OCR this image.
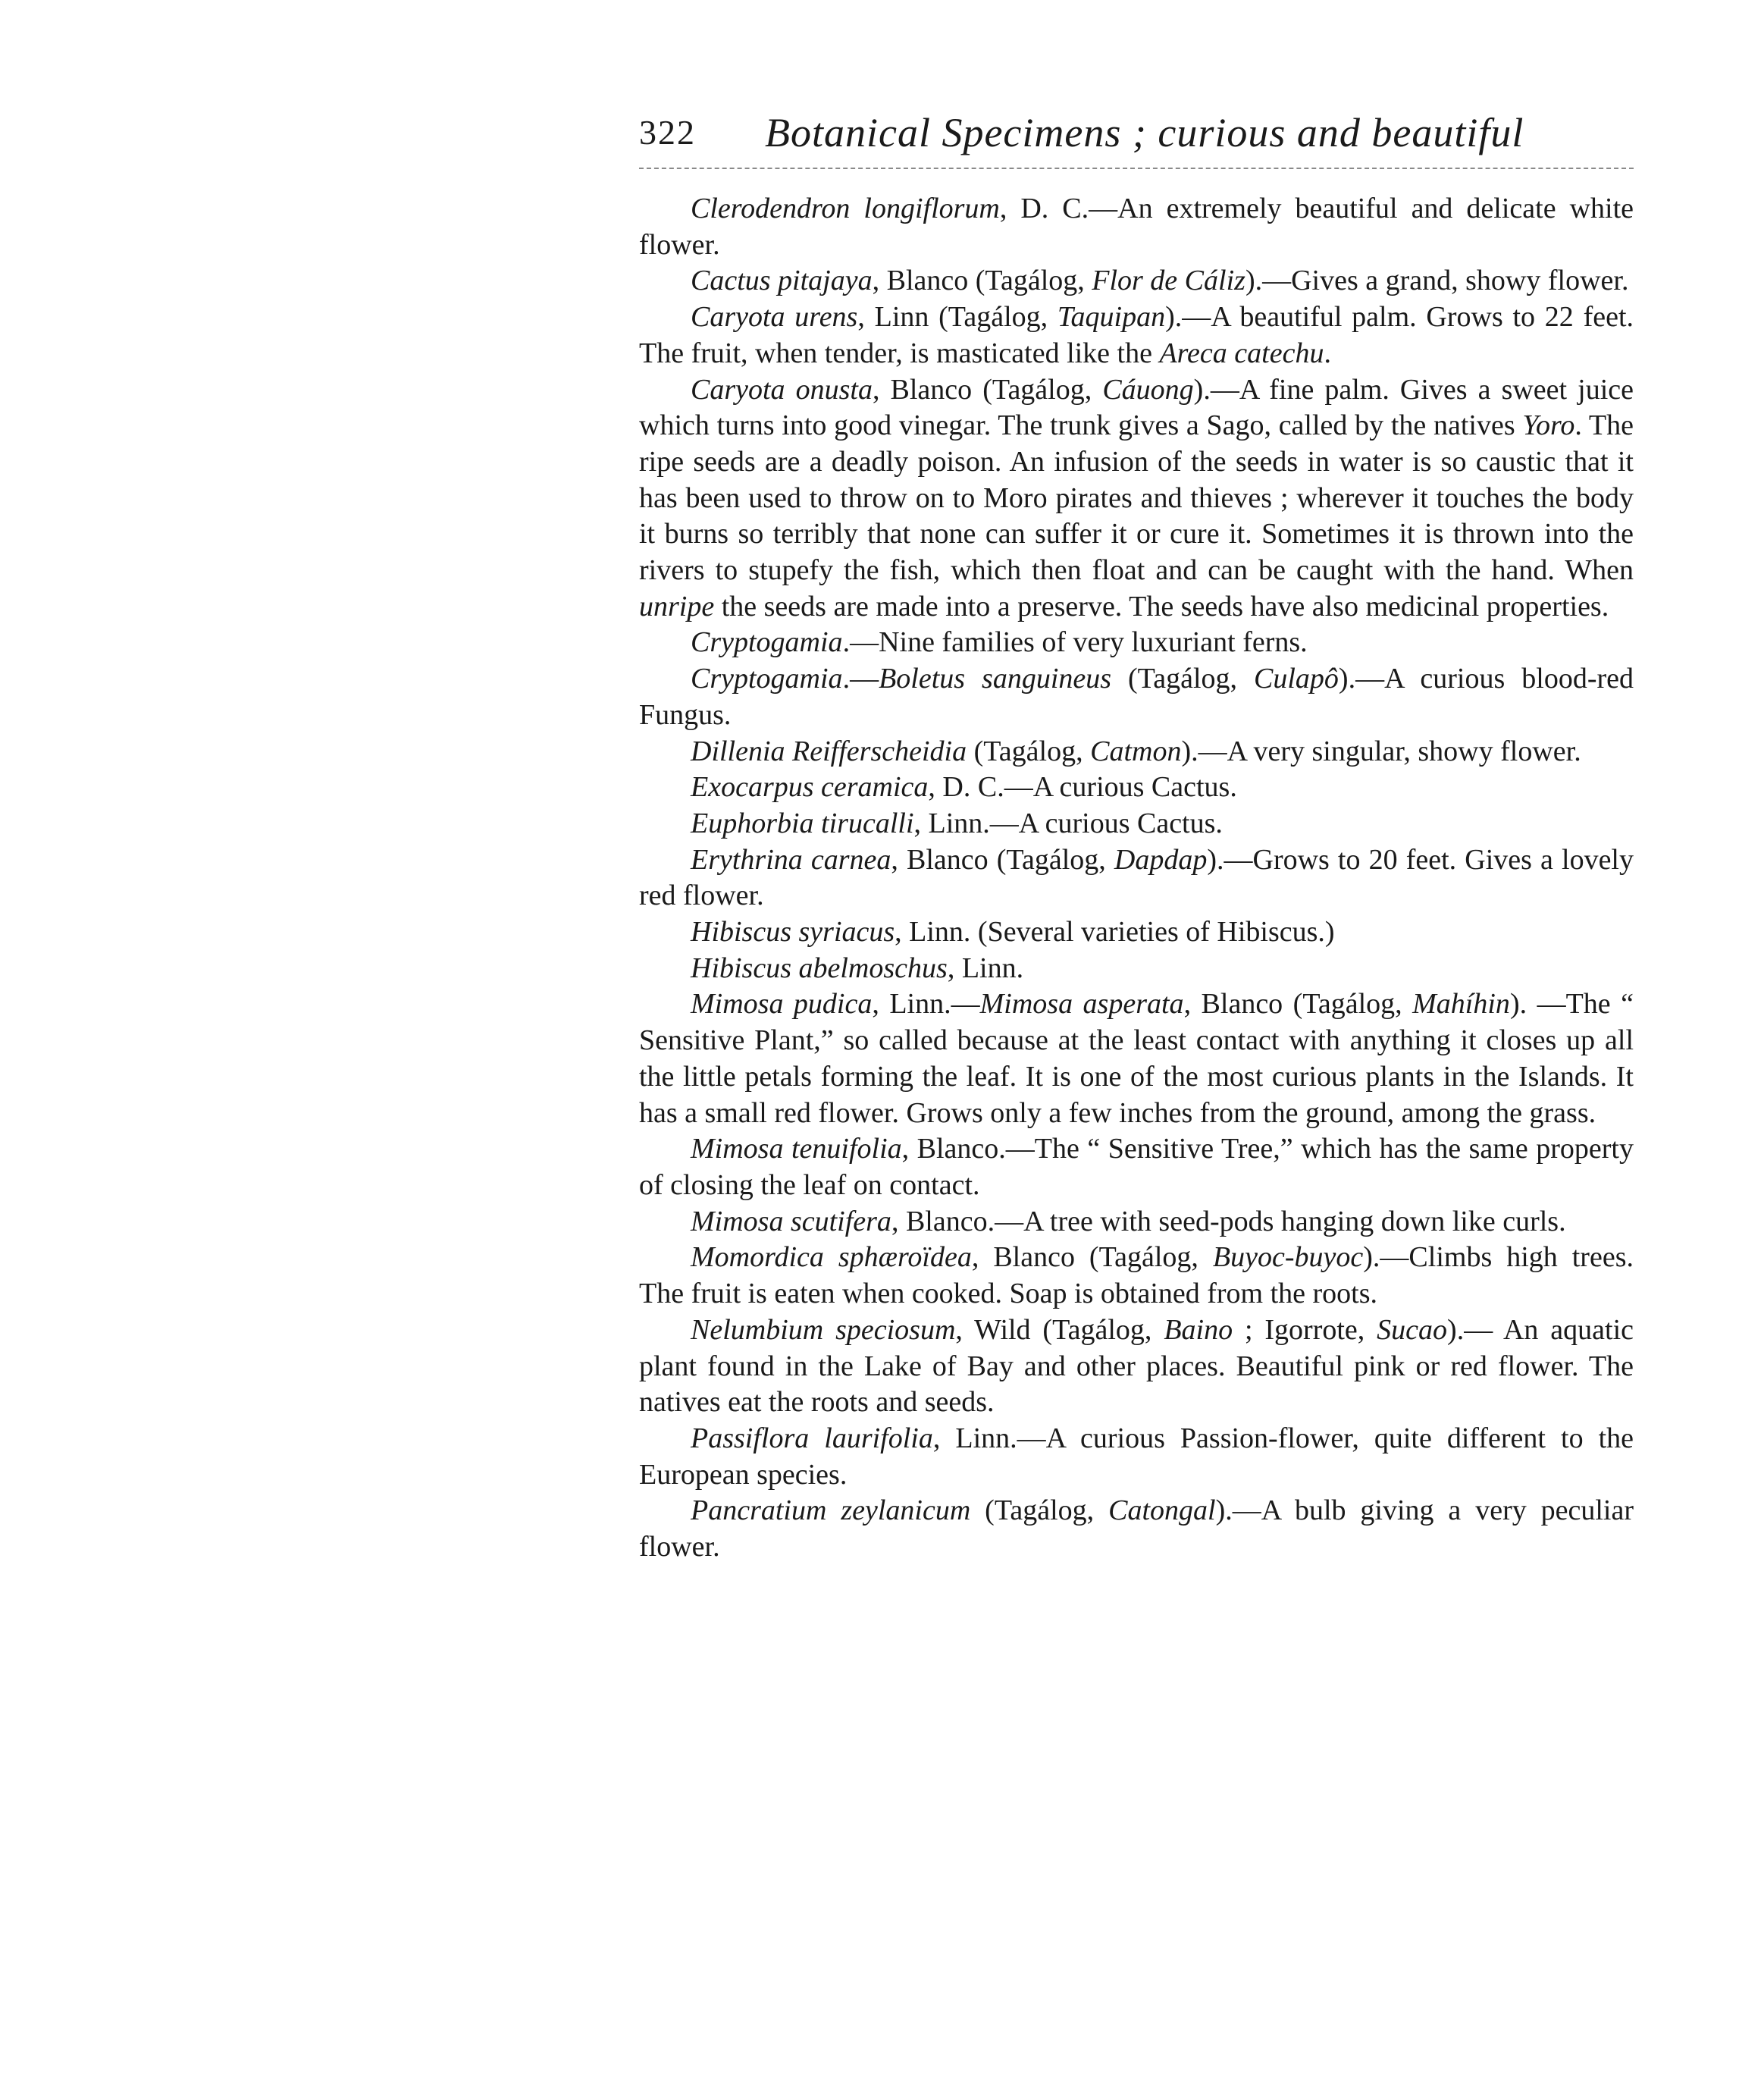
322 Botanical Specimens ; curious and beautiful

Clerodendron longiflorum, D. C.—An extremely beautiful and delicate white flower.

Cactus pitajaya, Blanco (Tagálog, Flor de Cáliz).—Gives a grand, showy flower.

Caryota urens, Linn (Tagálog, Taquipan).—A beautiful palm. Grows to 22 feet. The fruit, when tender, is masticated like the Areca catechu.

Caryota onusta, Blanco (Tagálog, Cáuong).—A fine palm. Gives a sweet juice which turns into good vinegar. The trunk gives a Sago, called by the natives Yoro. The ripe seeds are a deadly poison. An infusion of the seeds in water is so caustic that it has been used to throw on to Moro pirates and thieves ; wherever it touches the body it burns so terribly that none can suffer it or cure it. Sometimes it is thrown into the rivers to stupefy the fish, which then float and can be caught with the hand. When unripe the seeds are made into a preserve. The seeds have also medicinal properties.

Cryptogamia.—Nine families of very luxuriant ferns.

Cryptogamia.—Boletus sanguineus (Tagálog, Culapô).—A curious blood-red Fungus.

Dillenia Reifferscheidia (Tagálog, Catmon).—A very singular, showy flower.

Exocarpus ceramica, D. C.—A curious Cactus.

Euphorbia tirucalli, Linn.—A curious Cactus.

Erythrina carnea, Blanco (Tagálog, Dapdap).—Grows to 20 feet. Gives a lovely red flower.

Hibiscus syriacus, Linn. (Several varieties of Hibiscus.)

Hibiscus abelmoschus, Linn.

Mimosa pudica, Linn.—Mimosa asperata, Blanco (Tagálog, Mahíhin). —The “ Sensitive Plant,” so called because at the least contact with anything it closes up all the little petals forming the leaf. It is one of the most curious plants in the Islands. It has a small red flower. Grows only a few inches from the ground, among the grass.

Mimosa tenuifolia, Blanco.—The “ Sensitive Tree,” which has the same property of closing the leaf on contact.

Mimosa scutifera, Blanco.—A tree with seed-pods hanging down like curls.

Momordica sphæroïdea, Blanco (Tagálog, Buyoc-buyoc).—Climbs high trees. The fruit is eaten when cooked. Soap is obtained from the roots.

Nelumbium speciosum, Wild (Tagálog, Baino ; Igorrote, Sucao).— An aquatic plant found in the Lake of Bay and other places. Beautiful pink or red flower. The natives eat the roots and seeds.

Passiflora laurifolia, Linn.—A curious Passion-flower, quite different to the European species.

Pancratium zeylanicum (Tagálog, Catongal).—A bulb giving a very peculiar flower.
